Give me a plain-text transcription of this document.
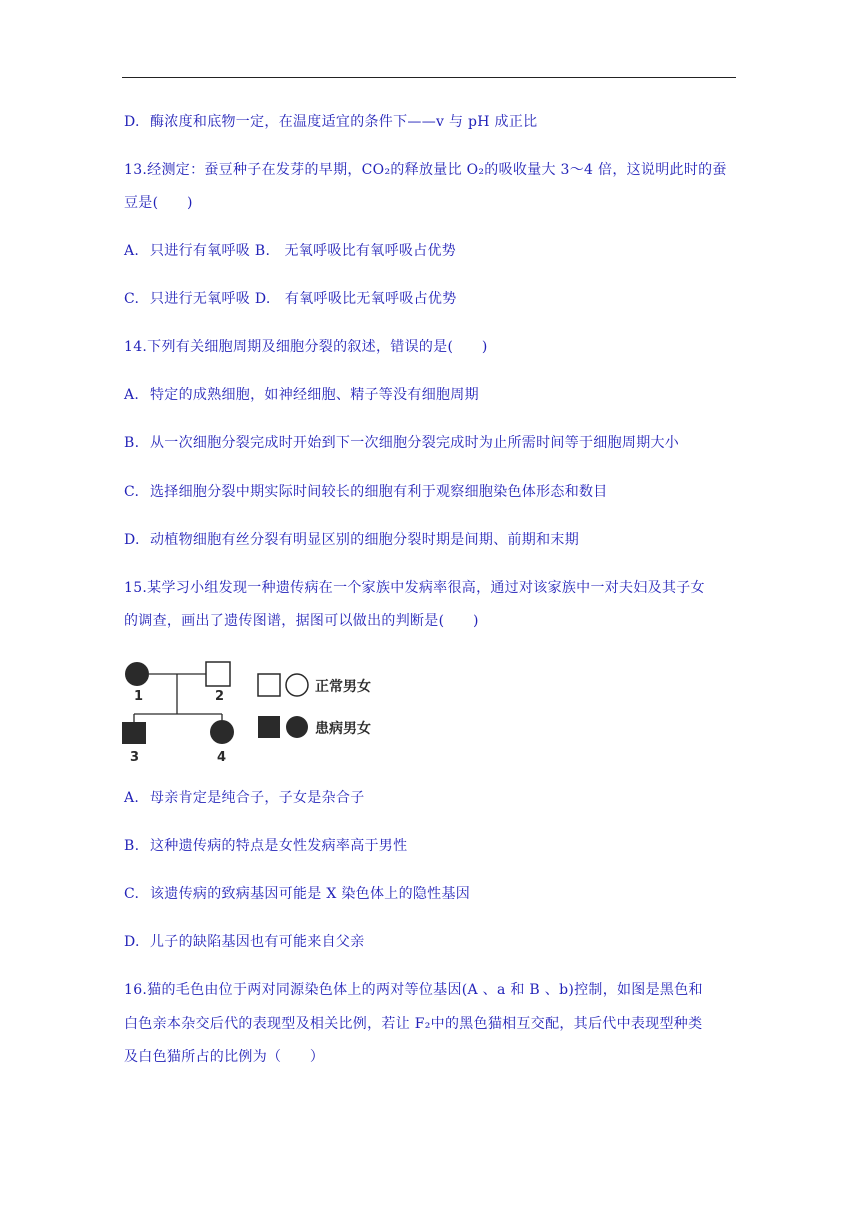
D. 酶浓度和底物一定，在温度适宜的条件下——v 与 pH 成正比
13.经测定：蚕豆种子在发芽的早期，CO₂的释放量比 O₂的吸收量大 3～4 倍，这说明此时的蚕
豆是(　　)
A. 只进行有氧呼吸 B.　无氧呼吸比有氧呼吸占优势
C. 只进行无氧呼吸 D.　有氧呼吸比无氧呼吸占优势
14.下列有关细胞周期及细胞分裂的叙述，错误的是(　　)
A. 特定的成熟细胞，如神经细胞、精子等没有细胞周期
B. 从一次细胞分裂完成时开始到下一次细胞分裂完成时为止所需时间等于细胞周期大小
C. 选择细胞分裂中期实际时间较长的细胞有利于观察细胞染色体形态和数目
D. 动植物细胞有丝分裂有明显区别的细胞分裂时期是间期、前期和末期
15.某学习小组发现一种遗传病在一个家族中发病率很高，通过对该家族中一对夫妇及其子女
的调查，画出了遗传图谱，据图可以做出的判断是(　　)
1	2
3	4
正常男女
患病男女
A. 母亲肯定是纯合子，子女是杂合子
B. 这种遗传病的特点是女性发病率高于男性
C. 该遗传病的致病基因可能是 X 染色体上的隐性基因
D. 儿子的缺陷基因也有可能来自父亲
16.猫的毛色由位于两对同源染色体上的两对等位基因(A 、a 和 B 、b)控制，如图是黑色和
白色亲本杂交后代的表现型及相关比例，若让 F₂中的黑色猫相互交配，其后代中表现型种类
及白色猫所占的比例为（　　）
